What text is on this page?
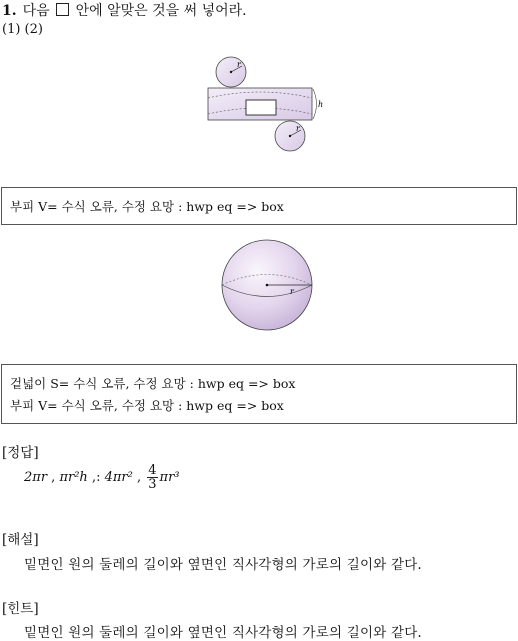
1. 다음 안에 알맞은 것을 써 넣어라.
(1) (2)
r
h
r
부피 V= 수식 오류, 수정 요망 : hwp eq => box
r
겉넓이 S= 수식 오류, 수정 요망 : hwp eq => box
부피 V= 수식 오류, 수정 요망 : hwp eq => box
[정답]
2πr , πr²h ,: 4πr² , $\frac{4}{3} \pi r^3$
[해설]
밑면인 원의 둘레의 길이와 옆면인 직사각형의 가로의 길이와 같다.
[힌트]
밑면인 원의 둘레의 길이와 옆면인 직사각형의 가로의 길이와 같다.
